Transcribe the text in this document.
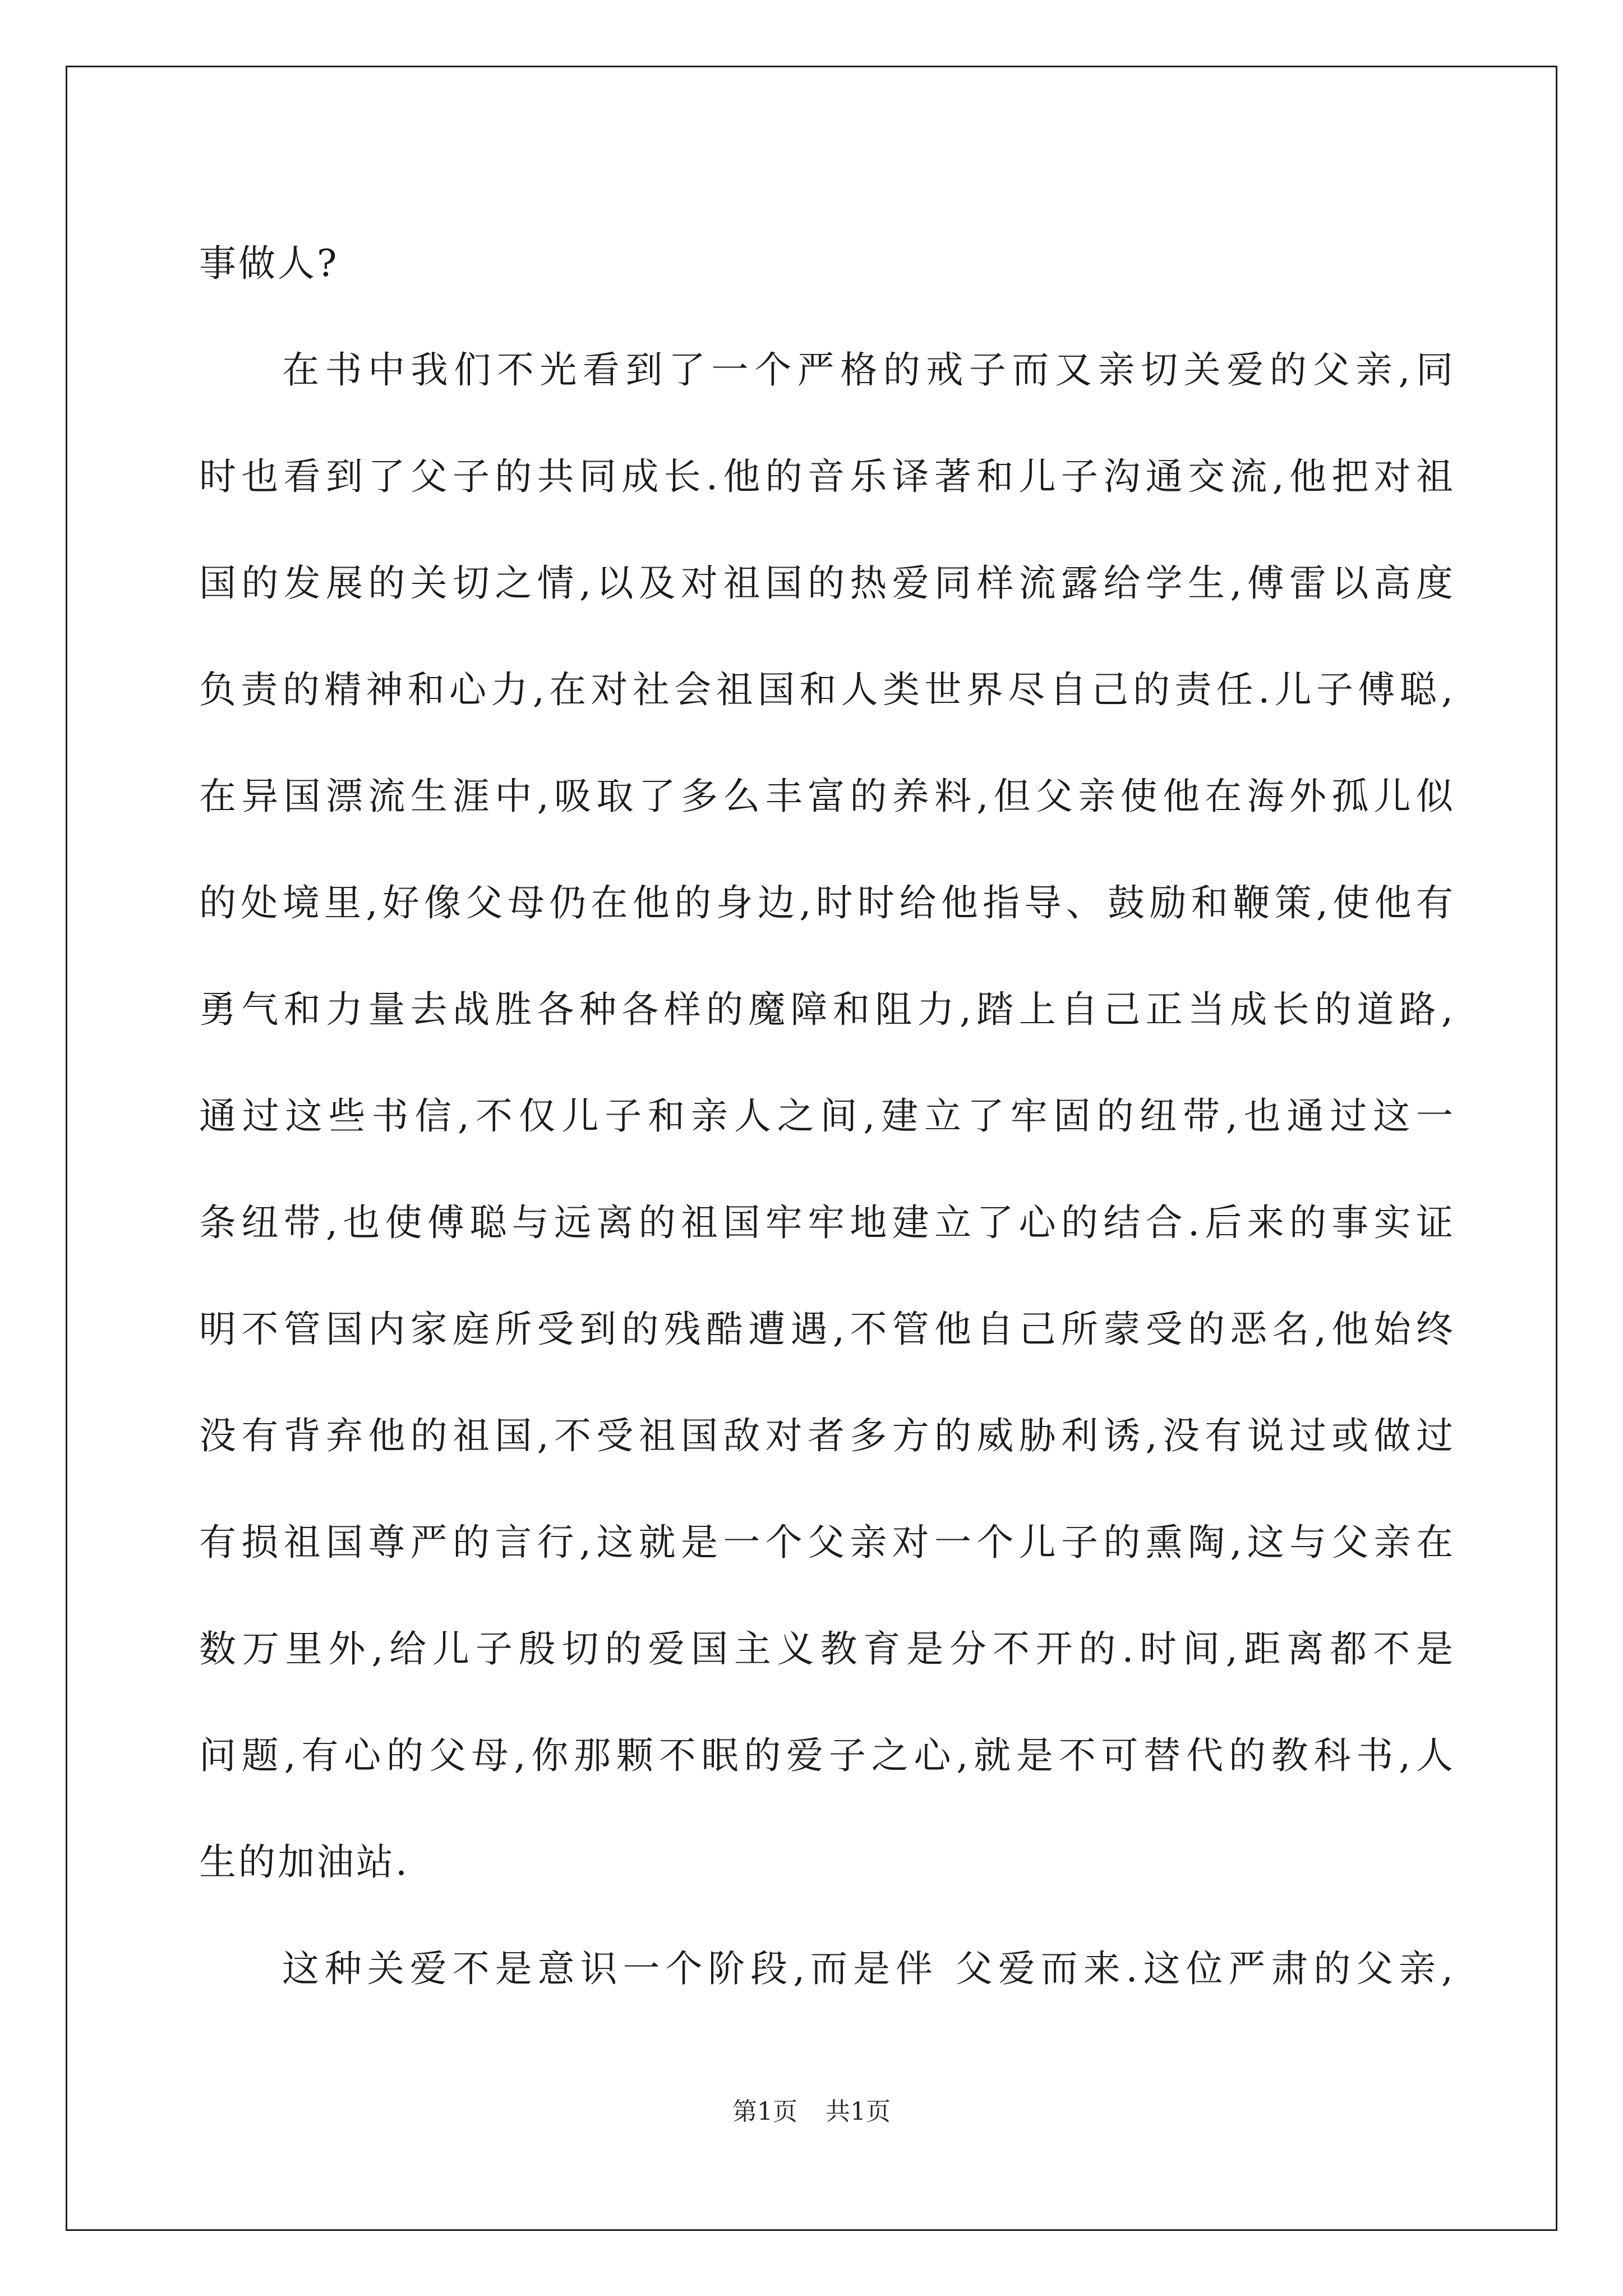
事做人?
在书中我们不光看到了一个严格的戒子而又亲切关爱的父亲,同
时也看到了父子的共同成长.他的音乐译著和儿子沟通交流,他把对祖
国的发展的关切之情,以及对祖国的热爱同样流露给学生,傅雷以高度
负责的精神和心力,在对社会祖国和人类世界尽自己的责任.儿子傅聪,
在异国漂流生涯中,吸取了多么丰富的养料,但父亲使他在海外孤儿似
的处境里,好像父母仍在他的身边,时时给他指导、鼓励和鞭策,使他有
勇气和力量去战胜各种各样的魔障和阻力,踏上自己正当成长的道路,
通过这些书信,不仅儿子和亲人之间,建立了牢固的纽带,也通过这一
条纽带,也使傅聪与远离的祖国牢牢地建立了心的结合.后来的事实证
明不管国内家庭所受到的残酷遭遇,不管他自己所蒙受的恶名,他始终
没有背弃他的祖国,不受祖国敌对者多方的威胁利诱,没有说过或做过
有损祖国尊严的言行,这就是一个父亲对一个儿子的熏陶,这与父亲在
数万里外,给儿子殷切的爱国主义教育是分不开的.时间,距离都不是
问题,有心的父母,你那颗不眠的爱子之心,就是不可替代的教科书,人
生的加油站.
这种关爱不是意识一个阶段,而是伴 父爱而来.这位严肃的父亲,
第1页 共1页
